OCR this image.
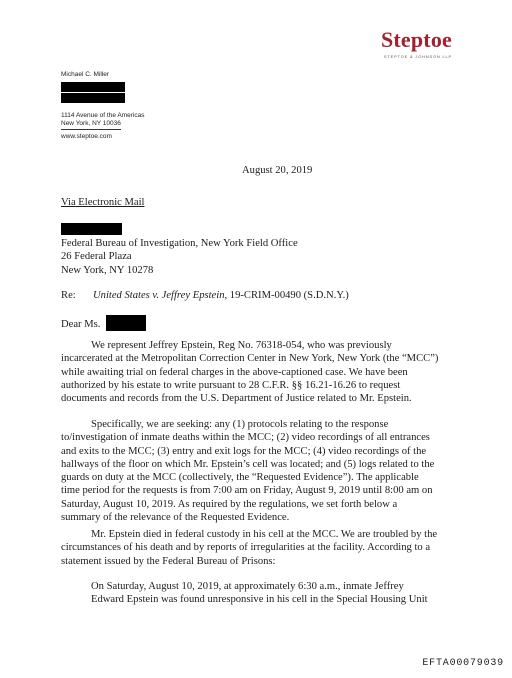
Steptoe
STEPTOE & JOHNSON LLP
Michael C. Miller
1114 Avenue of the Americas
New York, NY 10036
www.steptoe.com
August 20, 2019
Via Electronic Mail
Federal Bureau of Investigation, New York Field Office
26 Federal Plaza
New York, NY 10278
Re: United States v. Jeffrey Epstein, 19-CRIM-00490 (S.D.N.Y.)
Dear Ms.
We represent Jeffrey Epstein, Reg No. 76318-054, who was previously
incarcerated at the Metropolitan Correction Center in New York, New York (the “MCC”)
while awaiting trial on federal charges in the above-captioned case. We have been
authorized by his estate to write pursuant to 28 C.F.R. §§ 16.21-16.26 to request
documents and records from the U.S. Department of Justice related to Mr. Epstein.
Specifically, we are seeking: any (1) protocols relating to the response
to/investigation of inmate deaths within the MCC; (2) video recordings of all entrances
and exits to the MCC; (3) entry and exit logs for the MCC; (4) video recordings of the
hallways of the floor on which Mr. Epstein’s cell was located; and (5) logs related to the
guards on duty at the MCC (collectively, the “Requested Evidence”). The applicable
time period for the requests is from 7:00 am on Friday, August 9, 2019 until 8:00 am on
Saturday, August 10, 2019. As required by the regulations, we set forth below a
summary of the relevance of the Requested Evidence.
Mr. Epstein died in federal custody in his cell at the MCC. We are troubled by the
circumstances of his death and by reports of irregularities at the facility. According to a
statement issued by the Federal Bureau of Prisons:
On Saturday, August 10, 2019, at approximately 6:30 a.m., inmate Jeffrey
Edward Epstein was found unresponsive in his cell in the Special Housing Unit
EFTA00079039
